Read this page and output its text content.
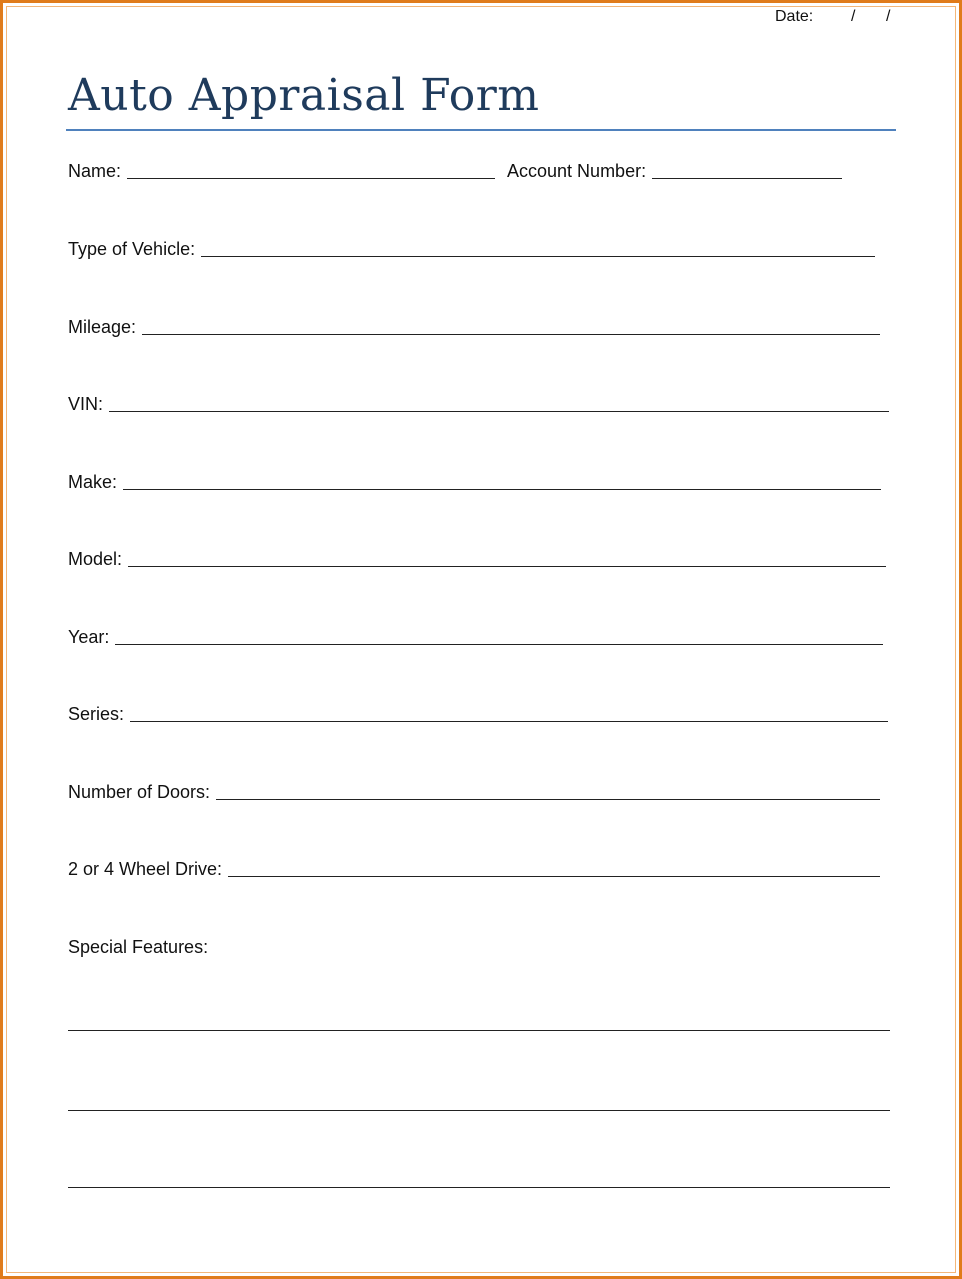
Date: / /
Auto Appraisal Form
Name:	Account Number:
Type of Vehicle:
Mileage:
VIN:
Make:
Model:
Year:
Series:
Number of Doors:
2 or 4 Wheel Drive:
Special Features:
